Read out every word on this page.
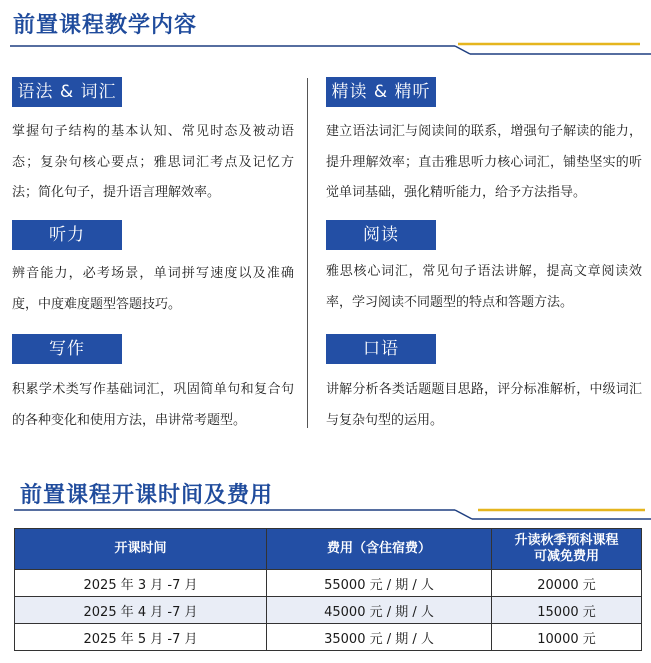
前置课程教学内容
语法 & 词汇

掌握句子结构的基本认知、常见时态及被动语态；复杂句核心要点；雅思词汇考点及记忆方法；简化句子，提升语言理解效率。

听力

辨音能力，必考场景，单词拼写速度以及准确度，中度难度题型答题技巧。

写作

积累学术类写作基础词汇，巩固简单句和复合句的各种变化和使用方法，串讲常考题型。

精读 & 精听

建立语法词汇与阅读间的联系，增强句子解读的能力，提升理解效率；直击雅思听力核心词汇，铺垫坚实的听觉单词基础，强化精听能力，给予方法指导。

阅读

雅思核心词汇，常见句子语法讲解，提高文章阅读效率，学习阅读不同题型的特点和答题方法。

口语

讲解分析各类话题题目思路，评分标准解析，中级词汇与复杂句型的运用。

前置课程开课时间及费用
开课时间	费用（含住宿费）	升读秋季预科课程
可减免费用
2025 年 3 月 -7 月	55000 元 / 期 / 人	20000 元
2025 年 4 月 -7 月	45000 元 / 期 / 人	15000 元
2025 年 5 月 -7 月	35000 元 / 期 / 人	10000 元
